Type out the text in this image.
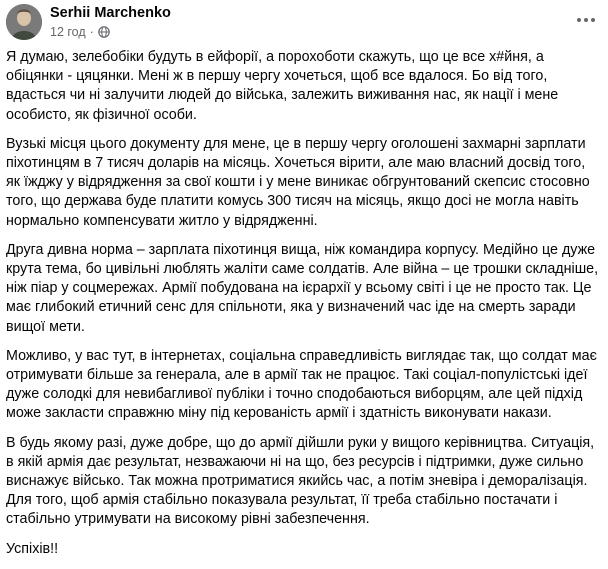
Serhii Marchenko
12 год ·

Я думаю, зелебобіки будуть в ейфорії, а порохоботи скажуть, що це все х#йня, а обіцянки - цяцянки. Мені ж в першу чергу хочеться, щоб все вдалося. Бо від того, вдасться чи ні залучити людей до війська, залежить виживання нас, як нації і мене особисто, як фізичної особи.

Вузькі місця цього документу для мене, це в першу чергу оголошені захмарні зарплати піхотинцям в 7 тисяч доларів на місяць. Хочеться вірити, але маю власний досвід того, як їжджу у відрядження за свої кошти і у мене виникає обгрунтований скепсис стосовно того, що держава буде платити комусь 300 тисяч на місяць, якщо досі не могла навіть нормально компенсувати житло у відрядженні.

Друга дивна норма – зарплата піхотинця вища, ніж командира корпусу. Медійно це дуже крута тема, бо цивільні люблять жаліти саме солдатів. Але війна – це трошки складніше, ніж піар у соцмережах. Армії побудована на ієрархії у всьому світі і це не просто так. Це має глибокий етичний сенс для спільноти, яка у визначений час іде на смерть заради вищої мети.

Можливо, у вас тут, в інтернетах, соціальна справедливість виглядає так, що солдат має отримувати більше за генерала, але в армії так не працює. Такі соціал-популістські ідеї дуже солодкі для невибагливої публіки і точно сподобаються виборцям, але цей підхід може закласти справжню міну під керованість армії і здатність виконувати накази.

В будь якому разі, дуже добре, що до армії дійшли руки у вищого керівництва. Ситуація, в якій армія дає результат, незважаючи ні на що, без ресурсів і підтримки, дуже сильно виснажує військо. Так можна протриматися якийсь час, а потім зневіра і деморалізація. Для того, щоб армія стабільно показувала результат, її треба стабільно постачати і стабільно утримувати на високому рівні забезпечення.

Успіхів!!
